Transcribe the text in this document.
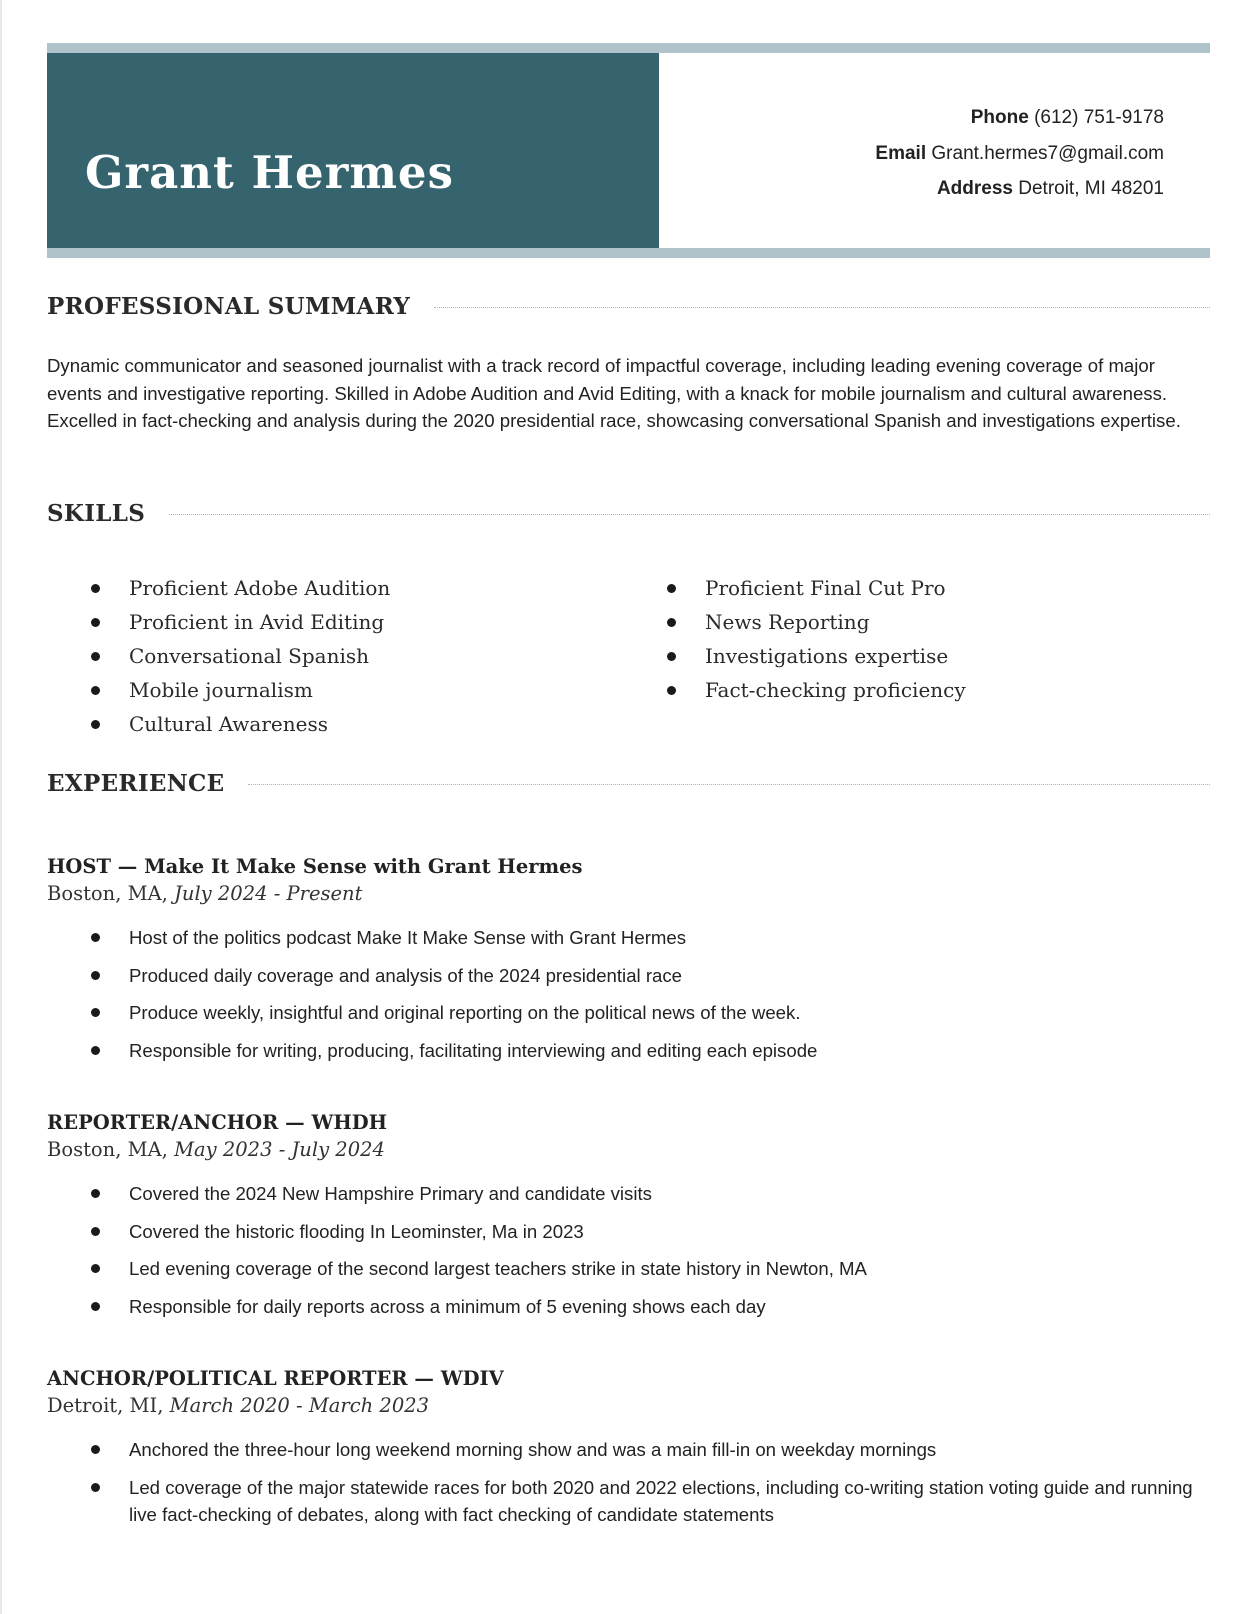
Grant Hermes
Phone (612) 751-9178
Email Grant.hermes7@gmail.com
Address Detroit, MI 48201
PROFESSIONAL SUMMARY

Dynamic communicator and seasoned journalist with a track record of impactful coverage, including leading evening coverage of major events and investigative reporting. Skilled in Adobe Audition and Avid Editing, with a knack for mobile journalism and cultural awareness. Excelled in fact-checking and analysis during the 2020 presidential race, showcasing conversational Spanish and investigations expertise.

SKILLS
Proficient Adobe Audition
Proficient in Avid Editing
Conversational Spanish
Mobile journalism
Cultural Awareness
Proficient Final Cut Pro
News Reporting
Investigations expertise
Fact-checking proficiency
EXPERIENCE
HOST — Make It Make Sense with Grant Hermes
Boston, MA, July 2024 - Present
Host of the politics podcast Make It Make Sense with Grant Hermes
Produced daily coverage and analysis of the 2024 presidential race
Produce weekly, insightful and original reporting on the political news of the week.
Responsible for writing, producing, facilitating interviewing and editing each episode
REPORTER/ANCHOR — WHDH
Boston, MA, May 2023 - July 2024
Covered the 2024 New Hampshire Primary and candidate visits
Covered the historic flooding In Leominster, Ma in 2023
Led evening coverage of the second largest teachers strike in state history in Newton, MA
Responsible for daily reports across a minimum of 5 evening shows each day
ANCHOR/POLITICAL REPORTER — WDIV
Detroit, MI, March 2020 - March 2023
Anchored the three-hour long weekend morning show and was a main fill-in on weekday mornings
Led coverage of the major statewide races for both 2020 and 2022 elections, including co-writing station voting guide and running live fact-checking of debates, along with fact checking of candidate statements
